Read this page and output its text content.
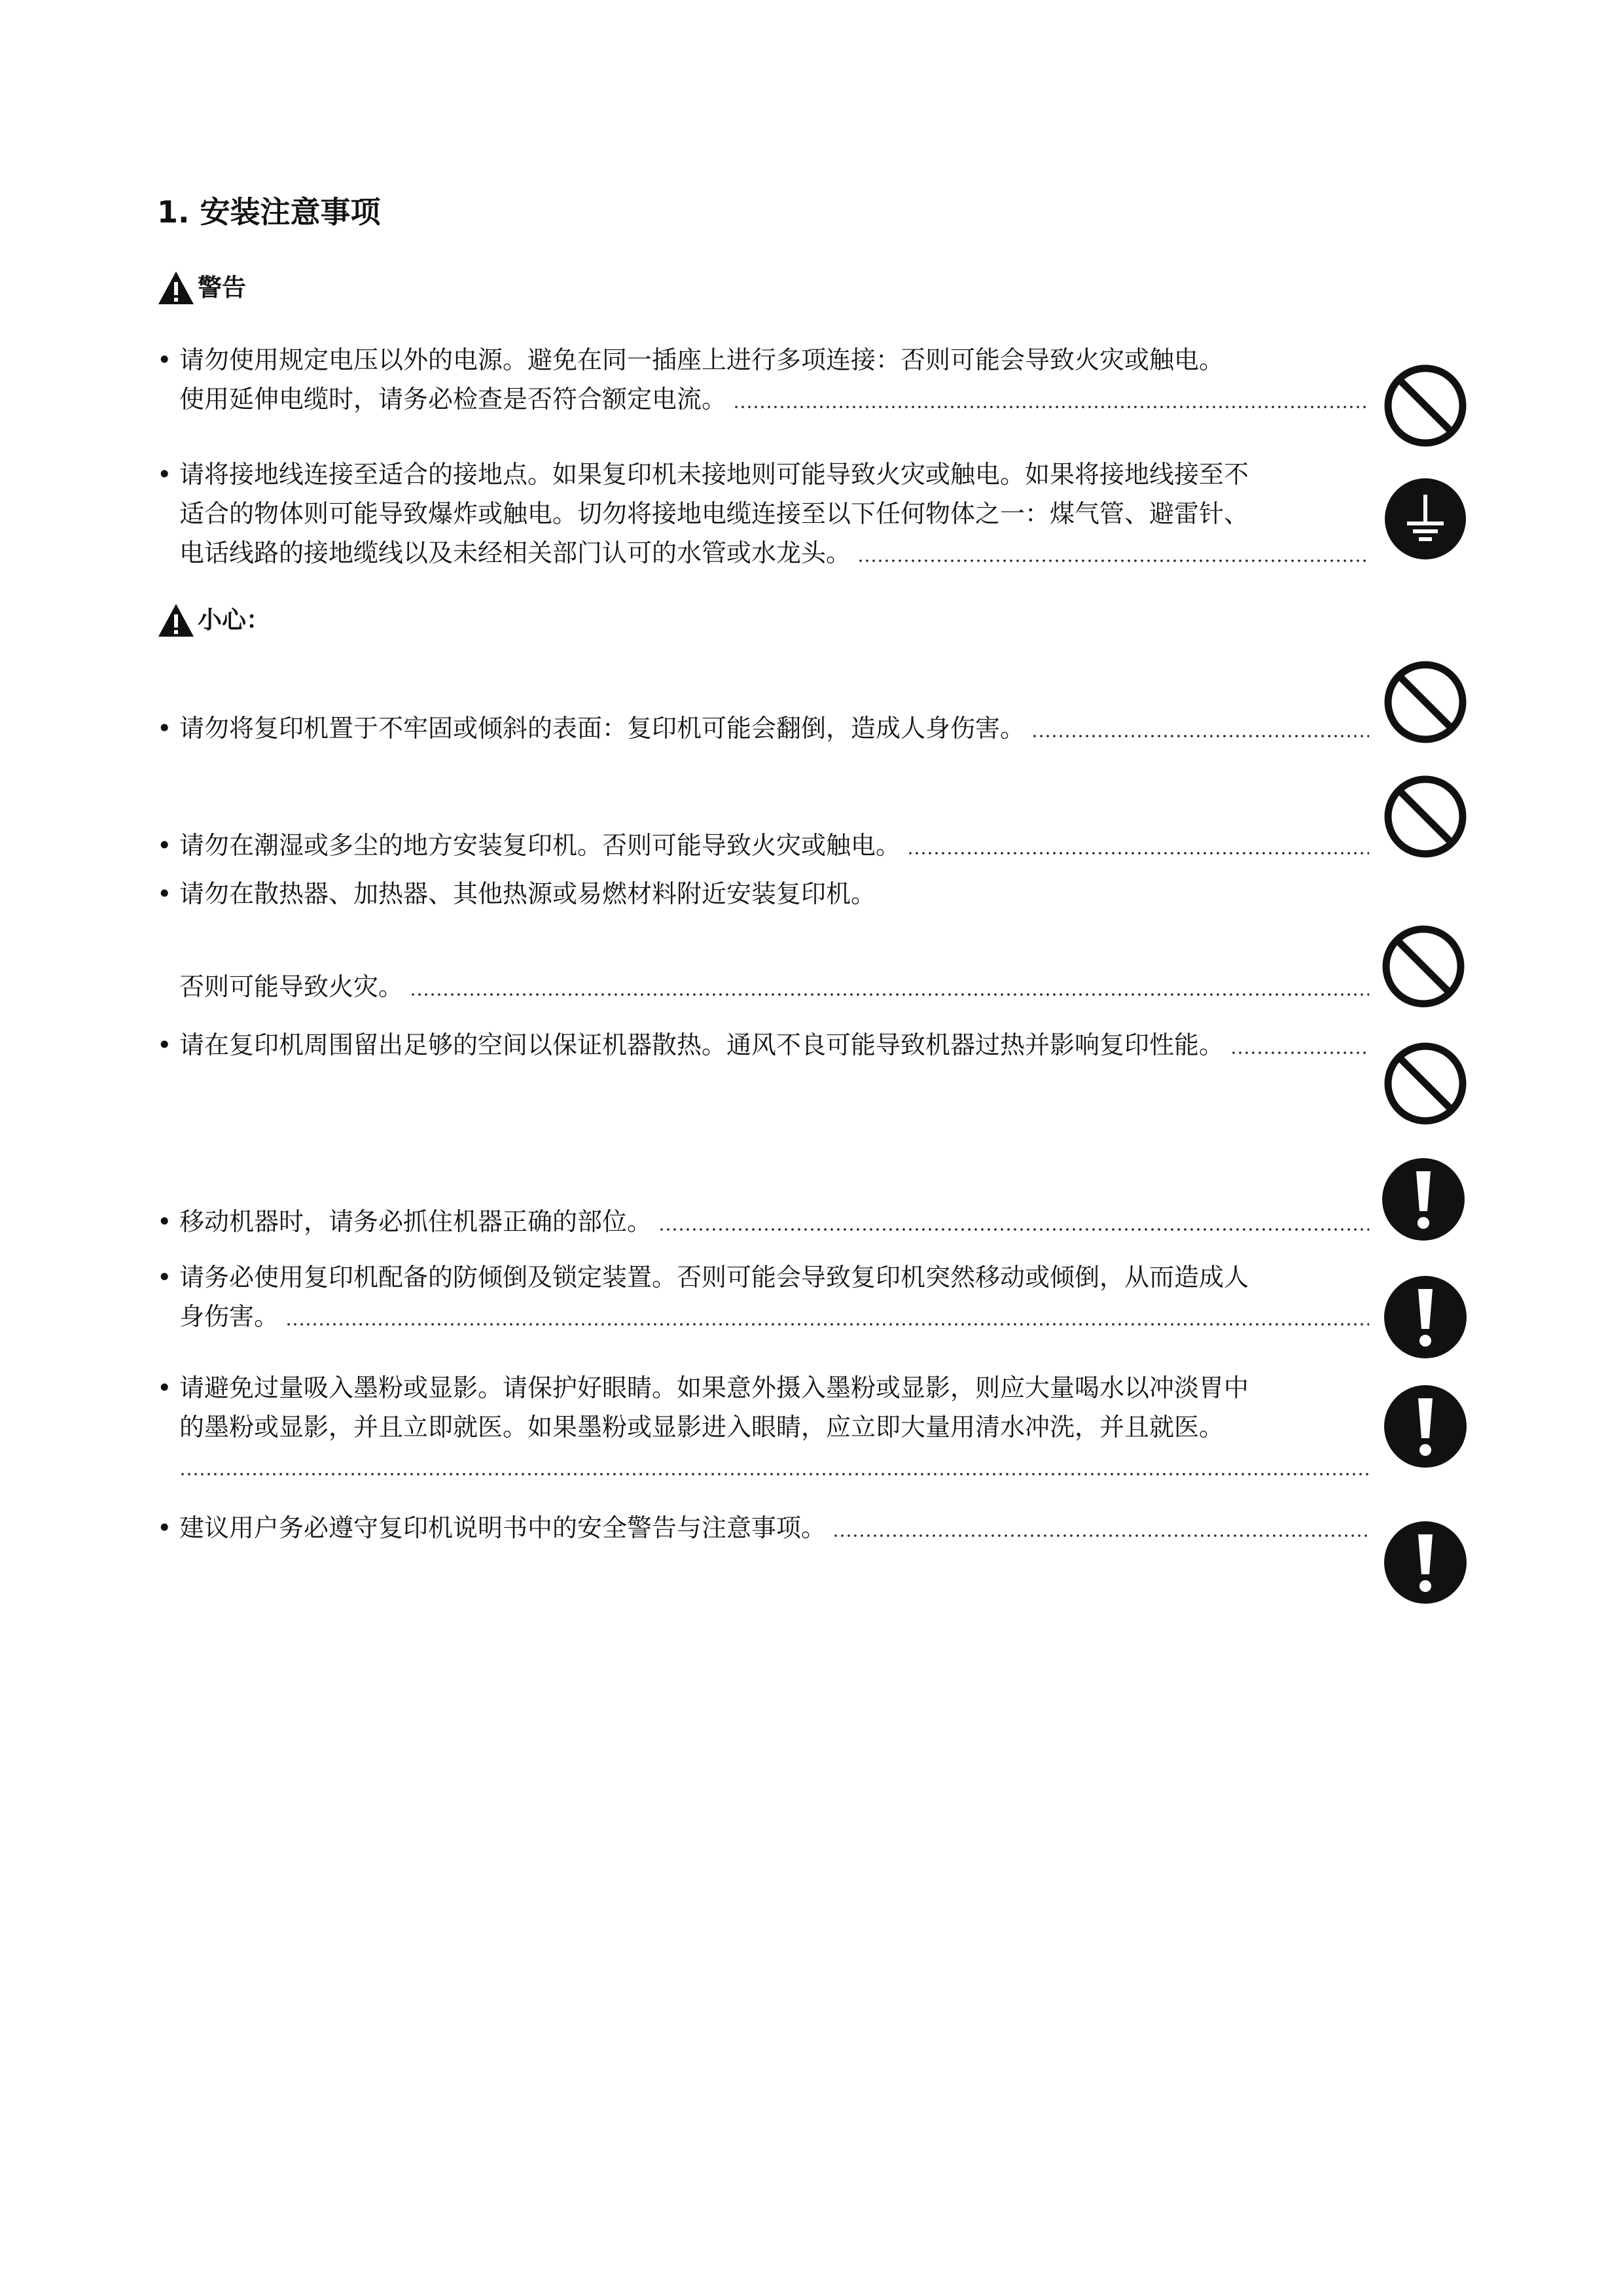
1. 安装注意事项
警告
• 请勿使用规定电压以外的电源。避免在同一插座上进行多项连接：否则可能会导致火灾或触电。
使用延伸电缆时，请务必检查是否符合额定电流。
• 请将接地线连接至适合的接地点。如果复印机未接地则可能导致火灾或触电。如果将接地线接至不
适合的物体则可能导致爆炸或触电。切勿将接地电缆连接至以下任何物体之一：煤气管、避雷针、
电话线路的接地缆线以及未经相关部门认可的水管或水龙头。
小心：
• 请勿将复印机置于不牢固或倾斜的表面：复印机可能会翻倒，造成人身伤害。
• 请勿在潮湿或多尘的地方安装复印机。否则可能导致火灾或触电。
• 请勿在散热器、加热器、其他热源或易燃材料附近安装复印机。
否则可能导致火灾。
• 请在复印机周围留出足够的空间以保证机器散热。通风不良可能导致机器过热并影响复印性能。
• 移动机器时，请务必抓住机器正确的部位。
• 请务必使用复印机配备的防倾倒及锁定装置。否则可能会导致复印机突然移动或倾倒，从而造成人
身伤害。
• 请避免过量吸入墨粉或显影。请保护好眼睛。如果意外摄入墨粉或显影，则应大量喝水以冲淡胃中
的墨粉或显影，并且立即就医。如果墨粉或显影进入眼睛，应立即大量用清水冲洗，并且就医。
• 建议用户务必遵守复印机说明书中的安全警告与注意事项。
